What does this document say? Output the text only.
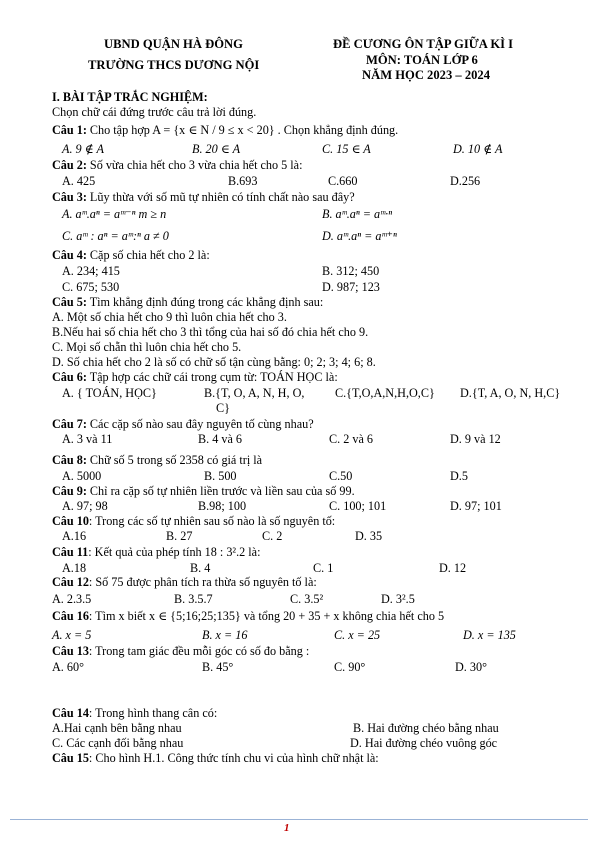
UBND QUẬN HÀ ĐÔNG
TRƯỜNG THCS DƯƠNG NỘI
ĐỀ CƯƠNG ÔN TẬP GIỮA KÌ I
MÔN: TOÁN LỚP 6
NĂM HỌC 2023 – 2024
I. BÀI TẬP TRẮC NGHIỆM:
Chọn chữ cái đứng trước câu trả lời đúng.
Câu 1: Cho tập hợp A = {x ∈ N / 9 ≤ x < 20} . Chọn khẳng định đúng.
A. 9 ∉ A	B. 20 ∈ A	C. 15 ∈ A	D. 10 ∉ A
Câu 2: Số vừa chia hết cho 3 vừa chia hết cho 5 là:
A. 425	B.693	C.660	D.256
Câu 3: Lũy thừa với số mũ tự nhiên có tính chất nào sau đây?
A. aᵐ.aⁿ = aᵐ⁻ⁿ m ≥ n	B. aᵐ.aⁿ = aᵐ·ⁿ
C. aᵐ : aⁿ = aᵐ:ⁿ a ≠ 0	D. aᵐ.aⁿ = aᵐ⁺ⁿ
Câu 4: Cặp số chia hết cho 2 là:
A. 234; 415	B. 312; 450
C. 675; 530	D. 987; 123
Câu 5: Tìm khẳng định đúng trong các khẳng định sau:
A. Một số chia hết cho 9 thì luôn chia hết cho 3.
B.Nếu hai số chia hết cho 3 thì tổng của hai số đó chia hết cho 9.
C. Mọi số chẵn thì luôn chia hết cho 5.
D. Số chia hết cho 2 là số có chữ số tận cùng bằng: 0; 2; 3; 4; 6; 8.
Câu 6: Tập hợp các chữ cái trong cụm từ: TOÁN HỌC là:
A. { TOÁN, HỌC}	B.{T, O, A, N, H, O,
C}
C.{T,O,A,N,H,O,C} D.{T, A, O, N, H,C}
Câu 7: Các cặp số nào sau đây nguyên tố cùng nhau?
A. 3 và 11	B. 4 và 6	C. 2 và 6	D. 9 và 12
Câu 8: Chữ số 5 trong số 2358 có giá trị là
A. 5000	B. 500	C.50	D.5
Câu 9: Chỉ ra cặp số tự nhiên liền trước và liền sau của số 99.
A. 97; 98	B.98; 100	C. 100; 101	D. 97; 101
Câu 10: Trong các số tự nhiên sau số nào là số nguyên tố:
A.16	B. 27	C. 2	D. 35
Câu 11: Kết quả của phép tính 18 : 3².2 là:
A.18	B. 4	C. 1	D. 12
Câu 12: Số 75 được phân tích ra thừa số nguyên tố là:
A. 2.3.5	B. 3.5.7	C. 3.5²	D. 3².5
Câu 16: Tìm x biết x ∈ {5;16;25;135} và tổng 20 + 35 + x không chia hết cho 5
A. x = 5	B. x = 16	C. x = 25	D. x = 135
Câu 13: Trong tam giác đều mỗi góc có số đo bằng :
A. 60°	B. 45°	C. 90°	D. 30°
Câu 14: Trong hình thang cân có:
A.Hai cạnh bên bằng nhau	B. Hai đường chéo bằng nhau
C. Các cạnh đối bằng nhau	D. Hai đường chéo vuông góc
Câu 15: Cho hình H.1. Công thức tính chu vi của hình chữ nhật là:
1
